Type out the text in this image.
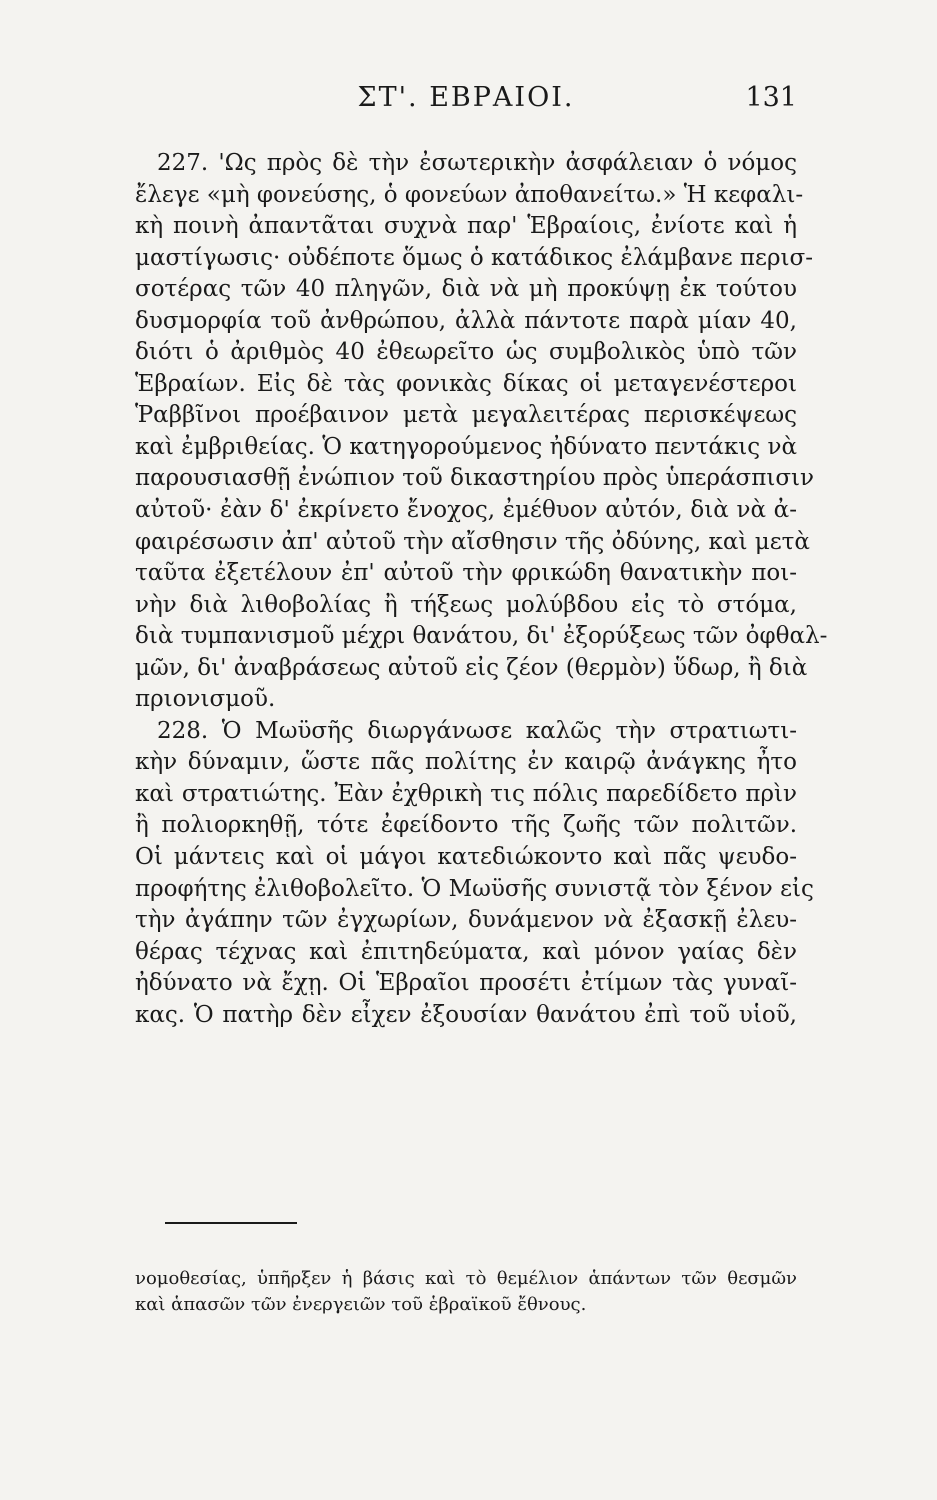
ΣΤ'. ΕΒΡΑΙΟΙ.	131
227. 'Ως πρὸς δὲ τὴν ἐσωτερικὴν ἀσφάλειαν ὁ νόμος
ἔλεγε «μὴ φονεύσης, ὁ φονεύων ἀποθανείτω.» Ἡ κεφαλι-
κὴ ποινὴ ἀπαντᾶται συχνὰ παρ' Ἑβραίοις, ἐνίοτε καὶ ἡ
μαστίγωσις· οὐδέποτε ὅμως ὁ κατάδικος ἐλάμβανε περισ-
σοτέρας τῶν 40 πληγῶν, διὰ νὰ μὴ προκύψῃ ἐκ τούτου
δυσμορφία τοῦ ἀνθρώπου, ἀλλὰ πάντοτε παρὰ μίαν 40,
διότι ὁ ἀριθμὸς 40 ἐθεωρεῖτο ὡς συμβολικὸς ὑπὸ τῶν
Ἑβραίων. Εἰς δὲ τὰς φονικὰς δίκας οἱ μεταγενέστεροι
Ῥαββῖνοι προέβαινον μετὰ μεγαλειτέρας περισκέψεως
καὶ ἐμβριθείας. Ὁ κατηγορούμενος ἠδύνατο πεντάκις νὰ
παρουσιασθῇ ἐνώπιον τοῦ δικαστηρίου πρὸς ὑπεράσπισιν
αὐτοῦ· ἐὰν δ' ἐκρίνετο ἔνοχος, ἐμέθυον αὐτόν, διὰ νὰ ἀ-
φαιρέσωσιν ἀπ' αὐτοῦ τὴν αἴσθησιν τῆς ὀδύνης, καὶ μετὰ
ταῦτα ἐξετέλουν ἐπ' αὐτοῦ τὴν φρικώδη θανατικὴν ποι-
νὴν διὰ λιθοβολίας ἢ τήξεως μολύβδου εἰς τὸ στόμα,
διὰ τυμπανισμοῦ μέχρι θανάτου, δι' ἐξορύξεως τῶν ὀφθαλ-
μῶν, δι' ἀναβράσεως αὐτοῦ εἰς ζέον (θερμὸν) ὕδωρ, ἢ διὰ
πριονισμοῦ.
228. Ὁ Μωϋσῆς διωργάνωσε καλῶς τὴν στρατιωτι-
κὴν δύναμιν, ὥστε πᾶς πολίτης ἐν καιρῷ ἀνάγκης ἦτο
καὶ στρατιώτης. Ἐὰν ἐχθρικὴ τις πόλις παρεδίδετο πρὶν
ἢ πολιορκηθῇ, τότε ἐφείδοντο τῆς ζωῆς τῶν πολιτῶν.
Οἱ μάντεις καὶ οἱ μάγοι κατεδιώκοντο καὶ πᾶς ψευδο-
προφήτης ἐλιθοβολεῖτο. Ὁ Μωϋσῆς συνιστᾷ τὸν ξένον εἰς
τὴν ἀγάπην τῶν ἐγχωρίων, δυνάμενον νὰ ἐξασκῇ ἐλευ-
θέρας τέχνας καὶ ἐπιτηδεύματα, καὶ μόνον γαίας δὲν
ἠδύνατο νὰ ἔχῃ. Οἱ Ἑβραῖοι προσέτι ἐτίμων τὰς γυναῖ-
κας. Ὁ πατὴρ δὲν εἶχεν ἐξουσίαν θανάτου ἐπὶ τοῦ υἱοῦ,
νομοθεσίας, ὑπῆρξεν ἡ βάσις καὶ τὸ θεμέλιον ἁπάντων τῶν θεσμῶν
καὶ ἁπασῶν τῶν ἐνεργειῶν τοῦ ἑβραϊκοῦ ἔθνους.
